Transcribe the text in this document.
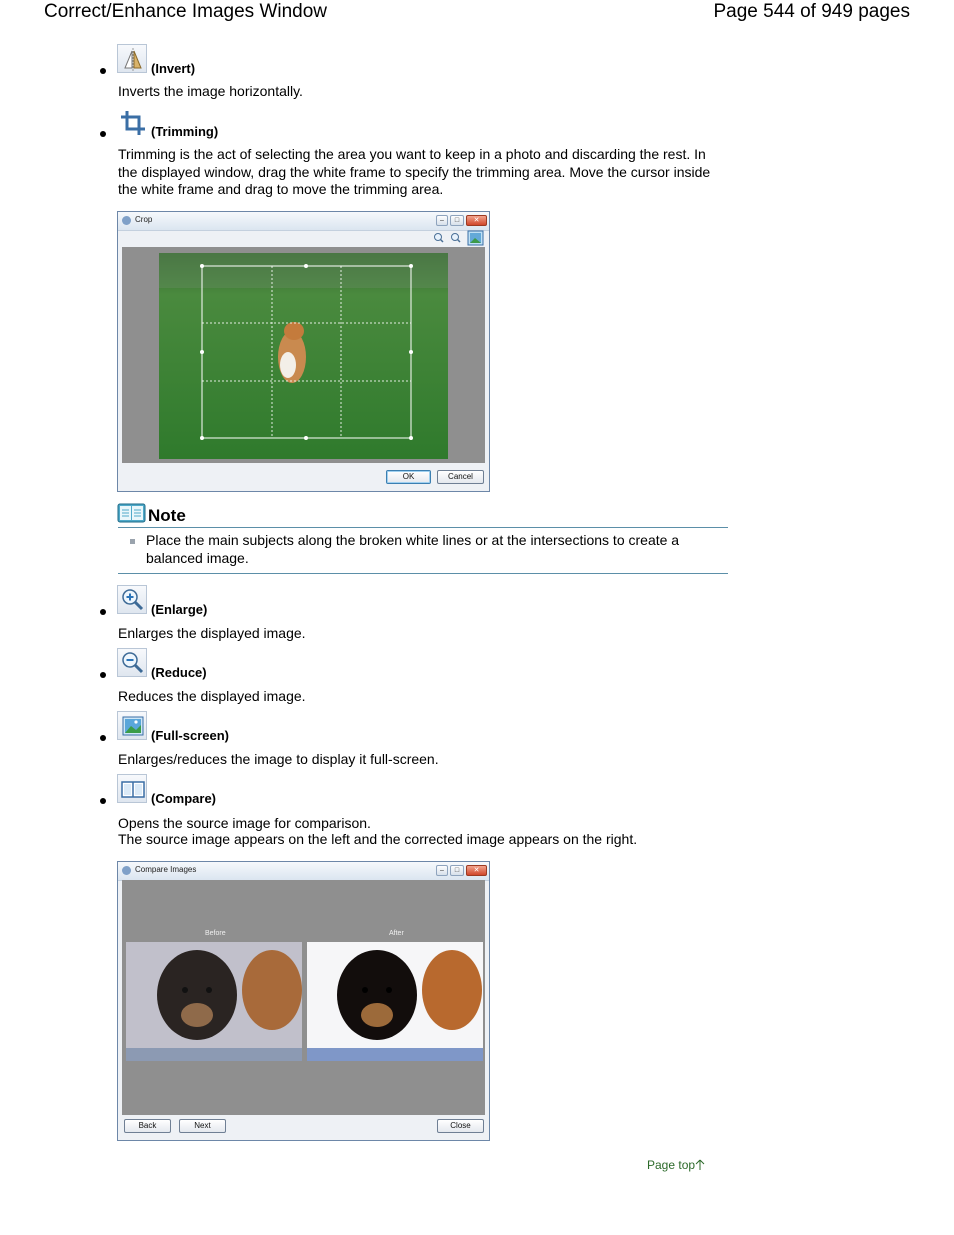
Correct/Enhance Images Window	Page 544 of 949 pages
(Invert)
Inverts the image horizontally.
(Trimming)
Trimming is the act of selecting the area you want to keep in a photo and discarding the rest. In the displayed window, drag the white frame to specify the trimming area. Move the cursor inside the white frame and drag to move the trimming area.
Crop	–	□	✕
OK	Cancel
Note
Place the main subjects along the broken white lines or at the intersections to create a balanced image.
(Enlarge)
Enlarges the displayed image.
(Reduce)
Reduces the displayed image.
(Full-screen)
Enlarges/reduces the image to display it full-screen.
(Compare)
Opens the source image for comparison.
The source image appears on the left and the corrected image appears on the right.
Compare Images	–	□	✕
Before	After
Back	Next	Close
Page top
